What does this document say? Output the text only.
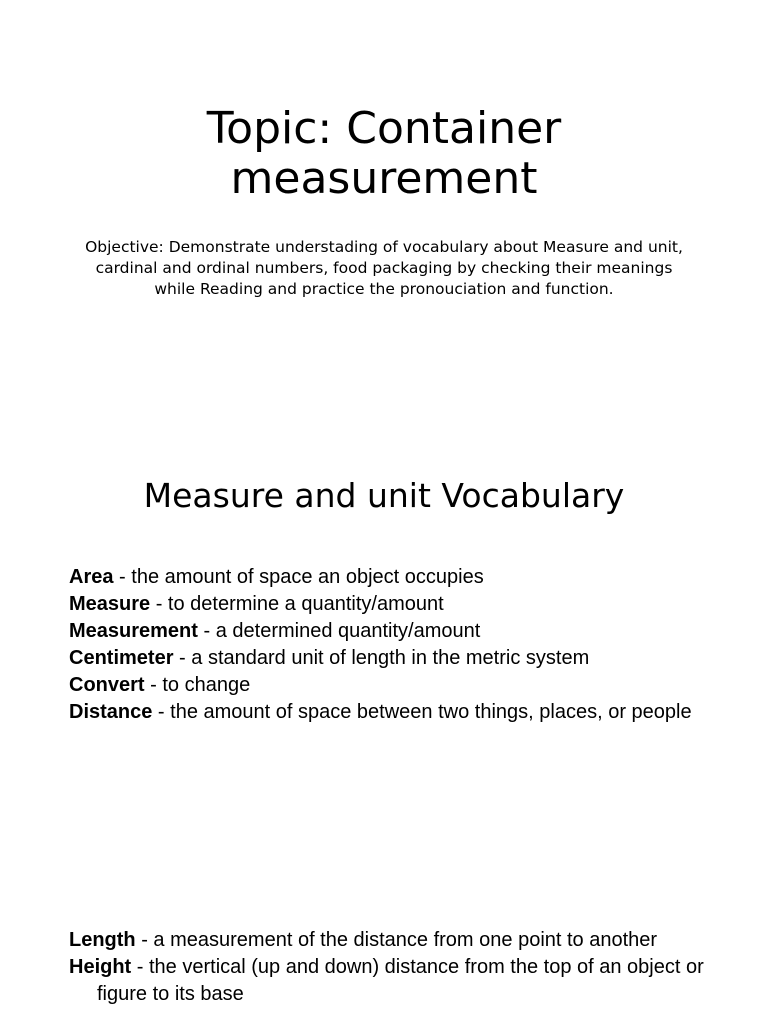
Topic: Container measurement

Objective: Demonstrate understading of vocabulary about Measure and unit, cardinal and ordinal numbers, food packaging by checking their meanings while Reading and practice the pronouciation and function.

Measure and unit Vocabulary
Area - the amount of space an object occupies
Measure - to determine a quantity/amount
Measurement - a determined quantity/amount
Centimeter - a standard unit of length in the metric system
Convert - to change
Distance - the amount of space between two things, places, or people
Length - a measurement of the distance from one point to another
Height - the vertical (up and down) distance from the top of an object or figure to its base
